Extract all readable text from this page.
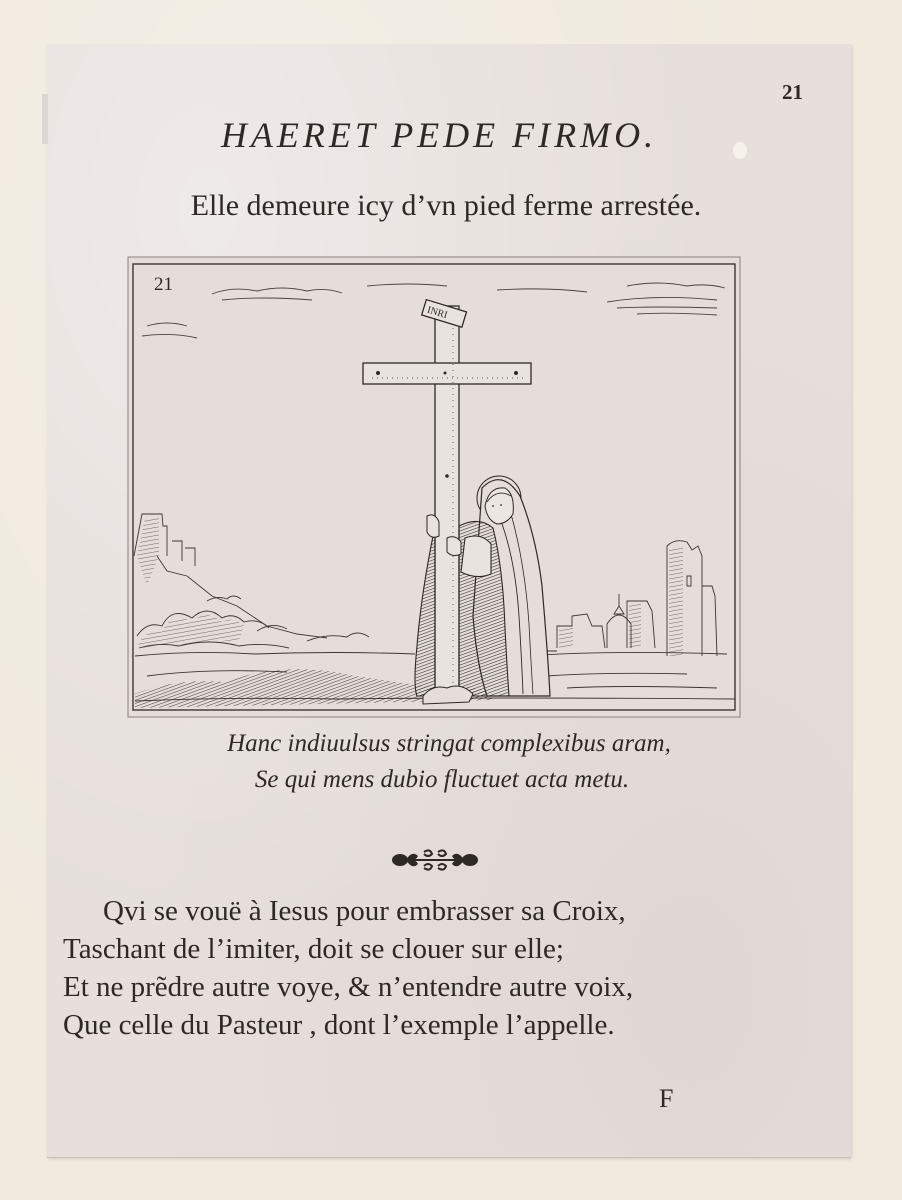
21
HAERET PEDE FIRMO.
Elle demeure icy d’vn pied ferme arrestée.
INRI
21
Hanc indiuulsus stringat complexibus aram,
Se qui mens dubio fluctuet acta metu.
Qvi se vouë à Iesus pour embrasser sa Croix,
Taschant de l’imiter, doit se clouer sur elle;
Et ne prẽdre autre voye, & n’entendre autre voix,
Que celle du Pasteur , dont l’exemple l’appelle.
F
